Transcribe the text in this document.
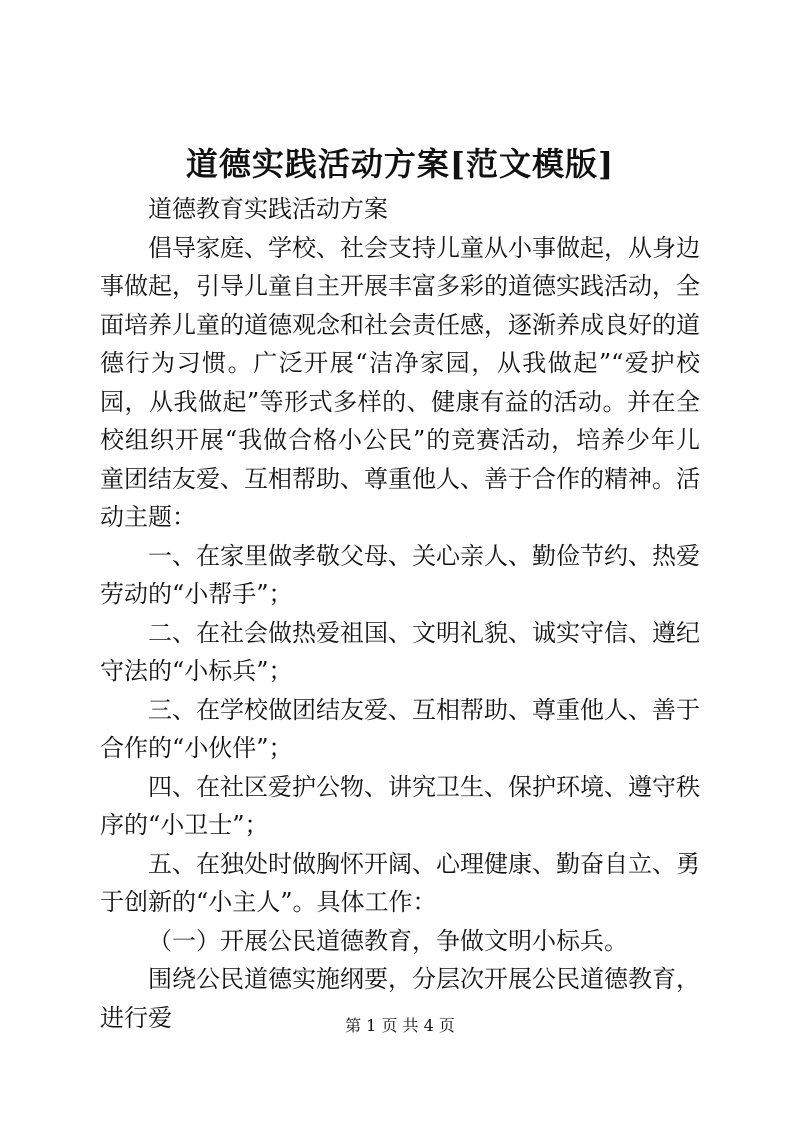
道德实践活动方案[范文模版]

道德教育实践活动方案

倡导家庭、学校、社会支持儿童从小事做起，从身边事做起，引导儿童自主开展丰富多彩的道德实践活动，全面培养儿童的道德观念和社会责任感，逐渐养成良好的道德行为习惯。广泛开展“洁净家园，从我做起”“爱护校园，从我做起”等形式多样的、健康有益的活动。并在全校组织开展“我做合格小公民”的竞赛活动，培养少年儿童团结友爱、互相帮助、尊重他人、善于合作的精神。活动主题：

一、在家里做孝敬父母、关心亲人、勤俭节约、热爱劳动的“小帮手”；

二、在社会做热爱祖国、文明礼貌、诚实守信、遵纪守法的“小标兵”；

三、在学校做团结友爱、互相帮助、尊重他人、善于合作的“小伙伴”；

四、在社区爱护公物、讲究卫生、保护环境、遵守秩序的“小卫士”；

五、在独处时做胸怀开阔、心理健康、勤奋自立、勇于创新的“小主人”。具体工作：

（一）开展公民道德教育，争做文明小标兵。

围绕公民道德实施纲要，分层次开展公民道德教育，进行爱	第 1 页 共 4 页
